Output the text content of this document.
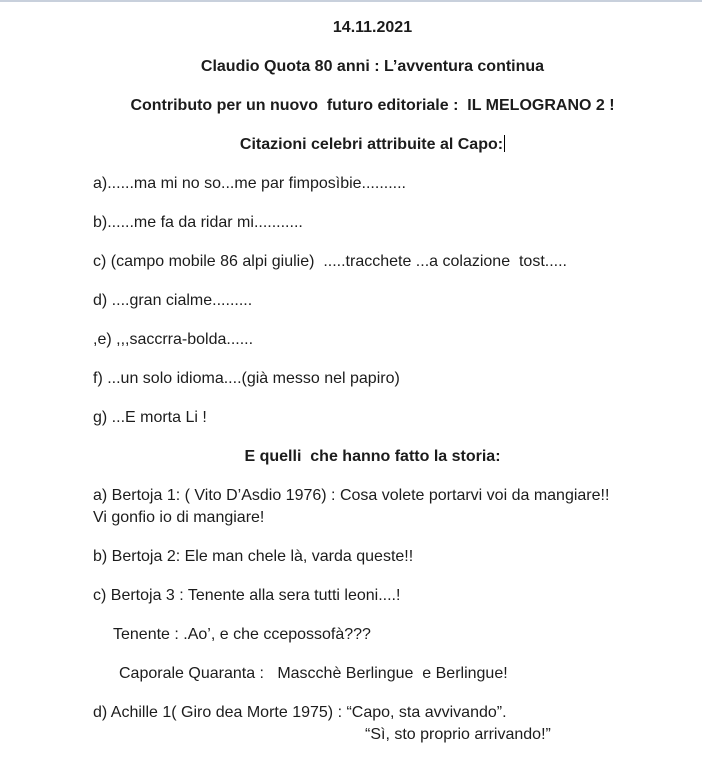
14.11.2021

Claudio Quota 80 anni : L’avventura continua

Contributo per un nuovo  futuro editoriale :  IL MELOGRANO 2 !

Citazioni celebri attribuite al Capo:

a)......ma mi no so...me par fimposìbie..........

b)......me fa da ridar mi...........

c) (campo mobile 86 alpi giulie)  .....tracchete ...a colazione  tost.....

d) ....gran cialme.........

,e) ,,,saccrra-bolda......

f) ...un solo idioma....(già messo nel papiro)

g) ...E morta Li !

E quelli  che hanno fatto la storia:

a) Bertoja 1: ( Vito D’Asdio 1976) : Cosa volete portarvi voi da mangiare!!
Vi gonfio io di mangiare!

b) Bertoja 2: Ele man chele là, varda queste!!

c) Bertoja 3 : Tenente alla sera tutti leoni....!

Tenente : .Ao’, e che ccepossofà???

Caporale Quaranta :   Mascchè Berlingue  e Berlingue!

d) Achille 1( Giro dea Morte 1975) : “Capo, sta avvivando”.

“Sì, sto proprio arrivando!”
